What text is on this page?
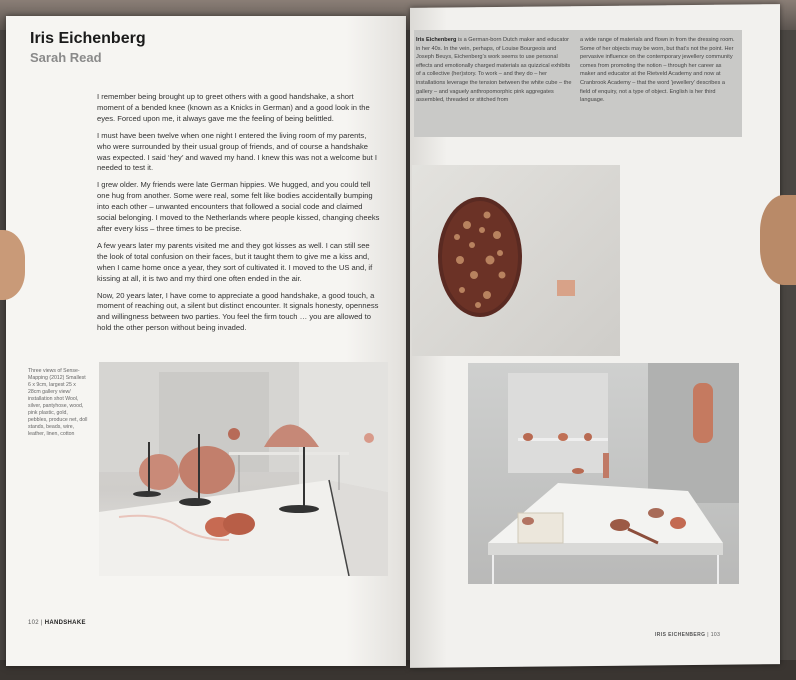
Iris Eichenberg
Sarah Read

I remember being brought up to greet others with a good handshake, a short moment of a bended knee (known as a Knicks in German) and a good look in the eyes. Forced upon me, it always gave me the feeling of being belittled.

I must have been twelve when one night I entered the living room of my parents, who were surrounded by their usual group of friends, and of course a handshake was expected. I said ‘hey’ and waved my hand. I knew this was not a welcome but I needed to test it.

I grew older. My friends were late German hippies. We hugged, and you could tell one hug from another. Some were real, some felt like bodies accidentally bumping into each other – unwanted encounters that followed a social code and claimed social belonging. I moved to the Netherlands where people kissed, changing cheeks after every kiss – three times to be precise.

A few years later my parents visited me and they got kisses as well. I can still see the look of total confusion on their faces, but it taught them to give me a kiss and, when I came home once a year, they sort of cultivated it. I moved to the US and, if kissing at all, it is two and my third one often ended in the air.

Now, 20 years later, I have come to appreciate a good handshake, a good touch, a moment of reaching out, a silent but distinct encounter. It signals honesty, openness and willingness between two parties. You feel the firm touch … you are allowed to hold the other person without being invaded.

Three views of Sense-Mapping (2012) Smallest 6 x 9cm, largest 25 x 28cm gallery view/ installation shot Wool, silver, pantyhose, wood, pink plastic, gold, pebbles, produce net, doll stands, beads, wire, leather, linen, cotton
102 | HANDSHAKE
Iris Eichenberg is a German-born Dutch maker and educator in her 40s. In the vein, perhaps, of Louise Bourgeois and Joseph Beuys, Eichenberg’s work seems to use personal effects and emotionally charged materials as quizzical exhibits of a collective (her)story. To work – and they do – her installations leverage the tension between the white cube – the gallery – and vaguely anthropomorphic pink aggregates assembled, threaded or stitched from
a wide range of materials and flown in from the dressing room. Some of her objects may be worn, but that’s not the point. Her pervasive influence on the contemporary jewellery community comes from promoting the notion – through her career as maker and educator at the Rietveld Academy and now at Cranbrook Academy – that the word ‘jewellery’ describes a field of enquiry, not a type of object. English is her third language.
IRIS EICHENBERG | 103
